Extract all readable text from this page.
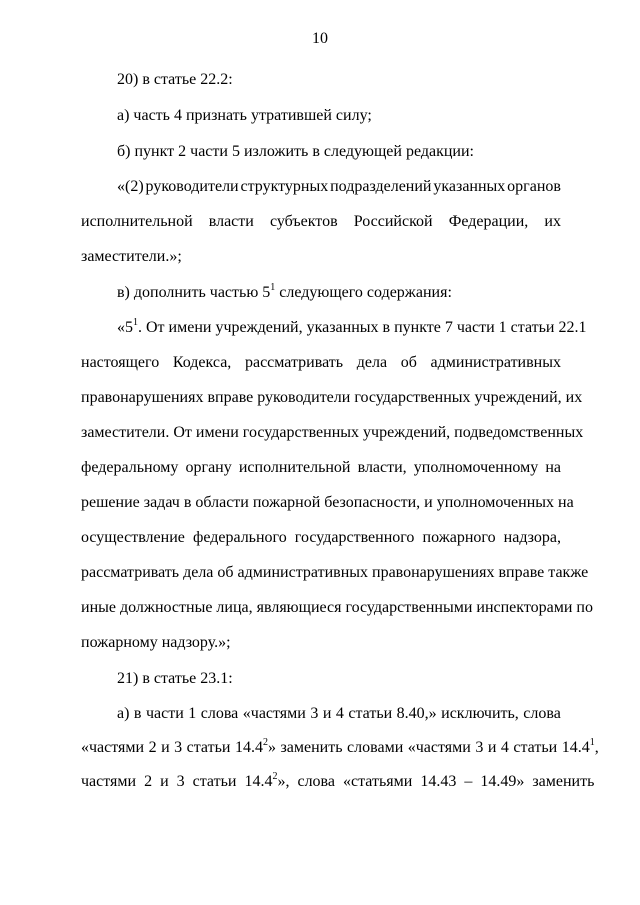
10
20) в статье 22.2:
а) часть 4 признать утратившей силу;
б) пункт 2 части 5 изложить в следующей редакции:
«(2) руководители структурных подразделений указанных органов
исполнительной власти субъектов Российской Федерации, их
заместители.»;
в) дополнить частью $5^1$ следующего содержания:
«$5^1$. От имени учреждений, указанных в пункте 7 части 1 статьи 22.1
настоящего Кодекса, рассматривать дела об административных
правонарушениях вправе руководители государственных учреждений, их
заместители. От имени государственных учреждений, подведомственных
федеральному органу исполнительной власти, уполномоченному на
решение задач в области пожарной безопасности, и уполномоченных на
осуществление федерального государственного пожарного надзора,
рассматривать дела об административных правонарушениях вправе также
иные должностные лица, являющиеся государственными инспекторами по
пожарному надзору.»;
21) в статье 23.1:
а) в части 1 слова «частями 3 и 4 статьи 8.40,» исключить, слова
«частями 2 и 3 статьи 14.4$^2$» заменить словами «частями 3 и 4 статьи 14.4$^1$,
частями  2  и  3  статьи  14.4$^2$»,  слова  «статьями  14.43  –  14.49»  заменить
